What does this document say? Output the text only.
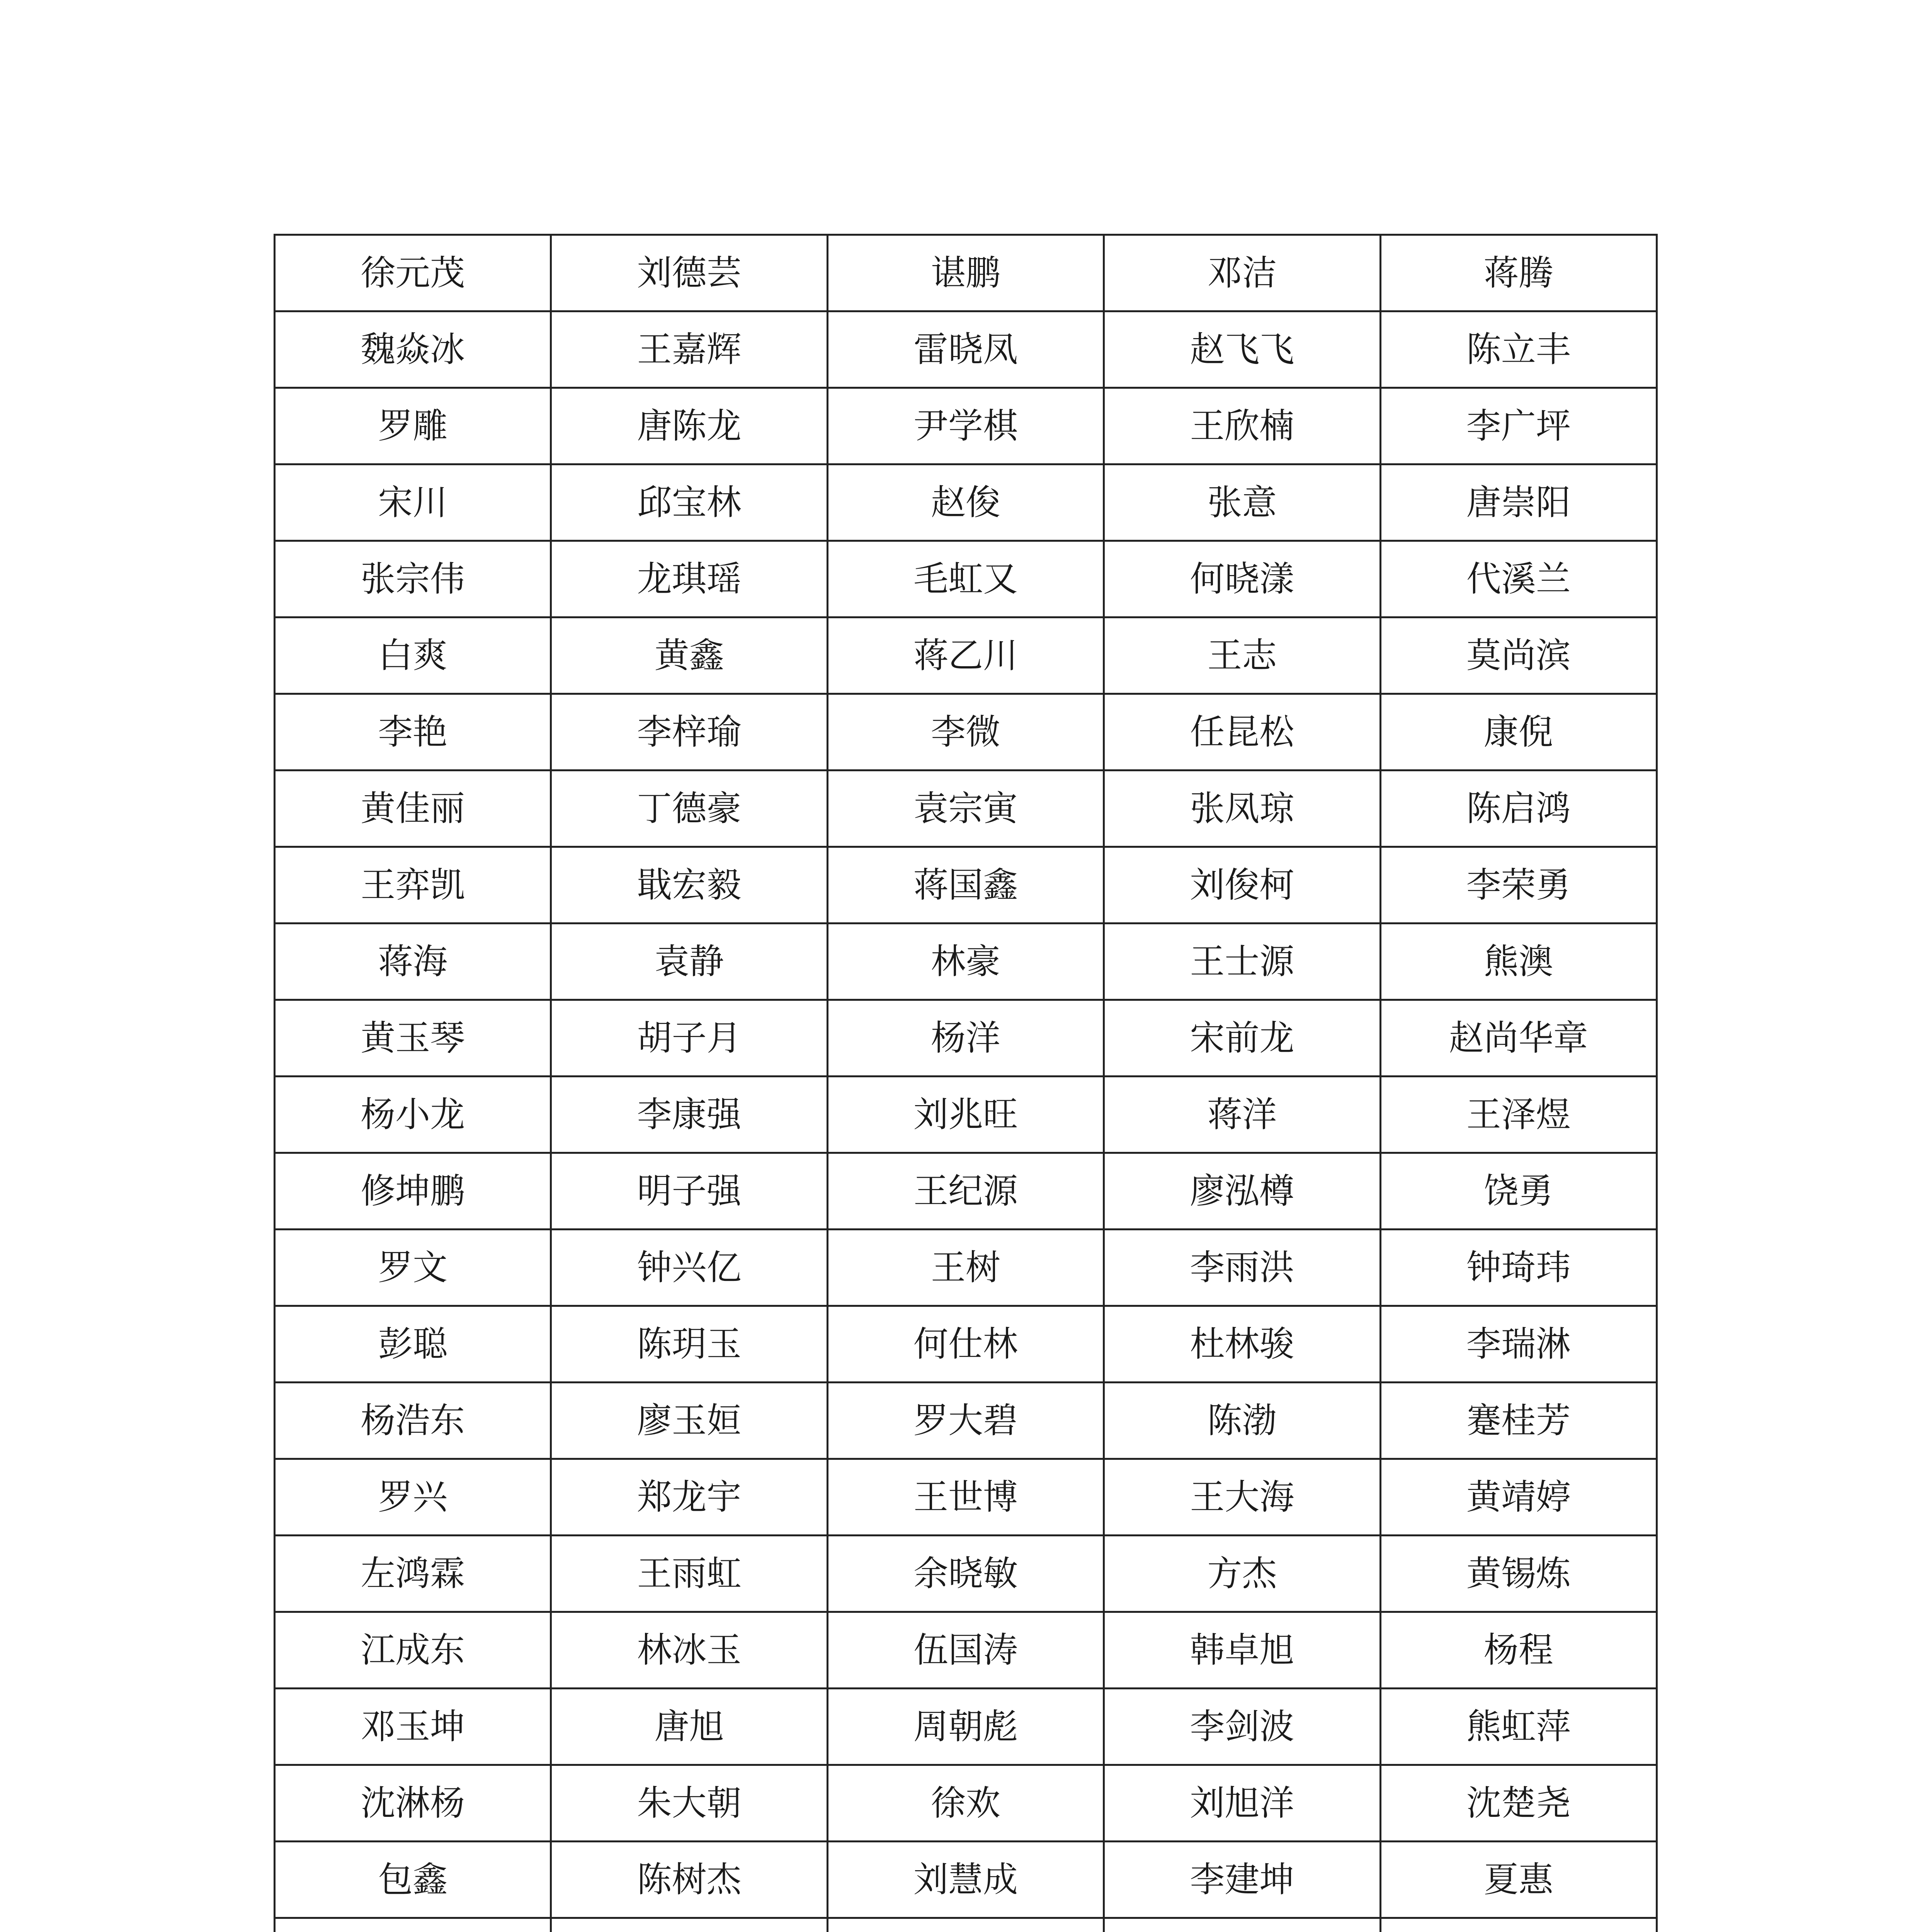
徐元茂	刘德芸	谌鹏	邓洁	蒋腾
魏焱冰	王嘉辉	雷晓凤	赵飞飞	陈立丰
罗雕	唐陈龙	尹学棋	王欣楠	李广坪
宋川	邱宝林	赵俊	张意	唐崇阳
张宗伟	龙琪瑶	毛虹又	何晓漾	代溪兰
白爽	黄鑫	蒋乙川	王志	莫尚滨
李艳	李梓瑜	李微	任昆松	康倪
黄佳丽	丁德豪	袁宗寅	张凤琼	陈启鸿
王弈凯	戢宏毅	蒋国鑫	刘俊柯	李荣勇
蒋海	袁静	林豪	王士源	熊澳
黄玉琴	胡子月	杨洋	宋前龙	赵尚华章
杨小龙	李康强	刘兆旺	蒋洋	王泽煜
修坤鹏	明子强	王纪源	廖泓樽	饶勇
罗文	钟兴亿	王树	李雨洪	钟琦玮
彭聪	陈玥玉	何仕林	杜林骏	李瑞淋
杨浩东	廖玉姮	罗大碧	陈渤	蹇桂芳
罗兴	郑龙宇	王世博	王大海	黄靖婷
左鸿霖	王雨虹	余晓敏	方杰	黄锡炼
江成东	林冰玉	伍国涛	韩卓旭	杨程
邓玉坤	唐旭	周朝彪	李剑波	熊虹萍
沈淋杨	朱大朝	徐欢	刘旭洋	沈楚尧
包鑫	陈树杰	刘慧成	李建坤	夏惠
